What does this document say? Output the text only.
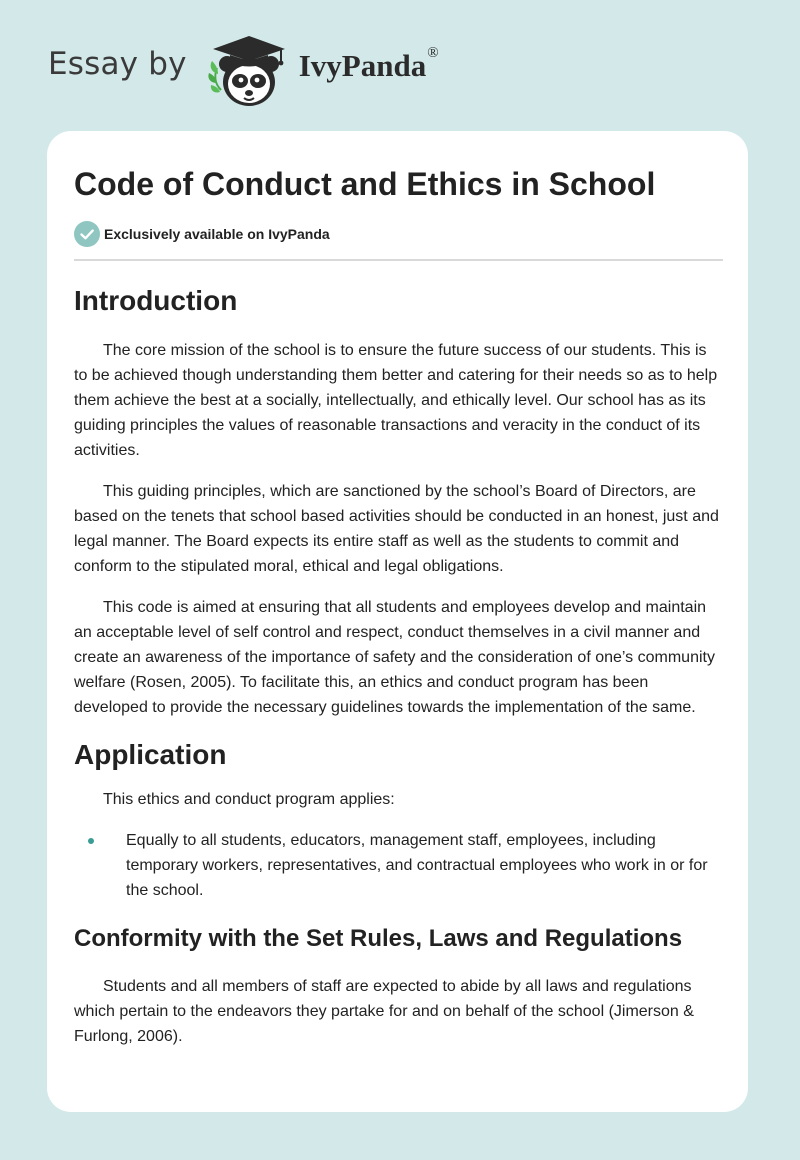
Essay by	IvyPanda ®
Code of Conduct and Ethics in School
Exclusively available on IvyPanda
Introduction

The core mission of the school is to ensure the future success of our students. This is to be achieved though understanding them better and catering for their needs so as to help them achieve the best at a socially, intellectually, and ethically level. Our school has as its guiding principles the values of reasonable transactions and veracity in the conduct of its activities.

This guiding principles, which are sanctioned by the school’s Board of Directors, are based on the tenets that school based activities should be conducted in an honest, just and legal manner. The Board expects its entire staff as well as the students to commit and conform to the stipulated moral, ethical and legal obligations.

This code is aimed at ensuring that all students and employees develop and maintain an acceptable level of self control and respect, conduct themselves in a civil manner and create an awareness of the importance of safety and the consideration of one’s community welfare (Rosen, 2005). To facilitate this, an ethics and conduct program has been developed to provide the necessary guidelines towards the implementation of the same.

Application

This ethics and conduct program applies:

Equally to all students, educators, management staff, employees, including temporary workers, representatives, and contractual employees who work in or for the school.
Conformity with the Set Rules, Laws and Regulations

Students and all members of staff are expected to abide by all laws and regulations which pertain to the endeavors they partake for and on behalf of the school (Jimerson & Furlong, 2006).
